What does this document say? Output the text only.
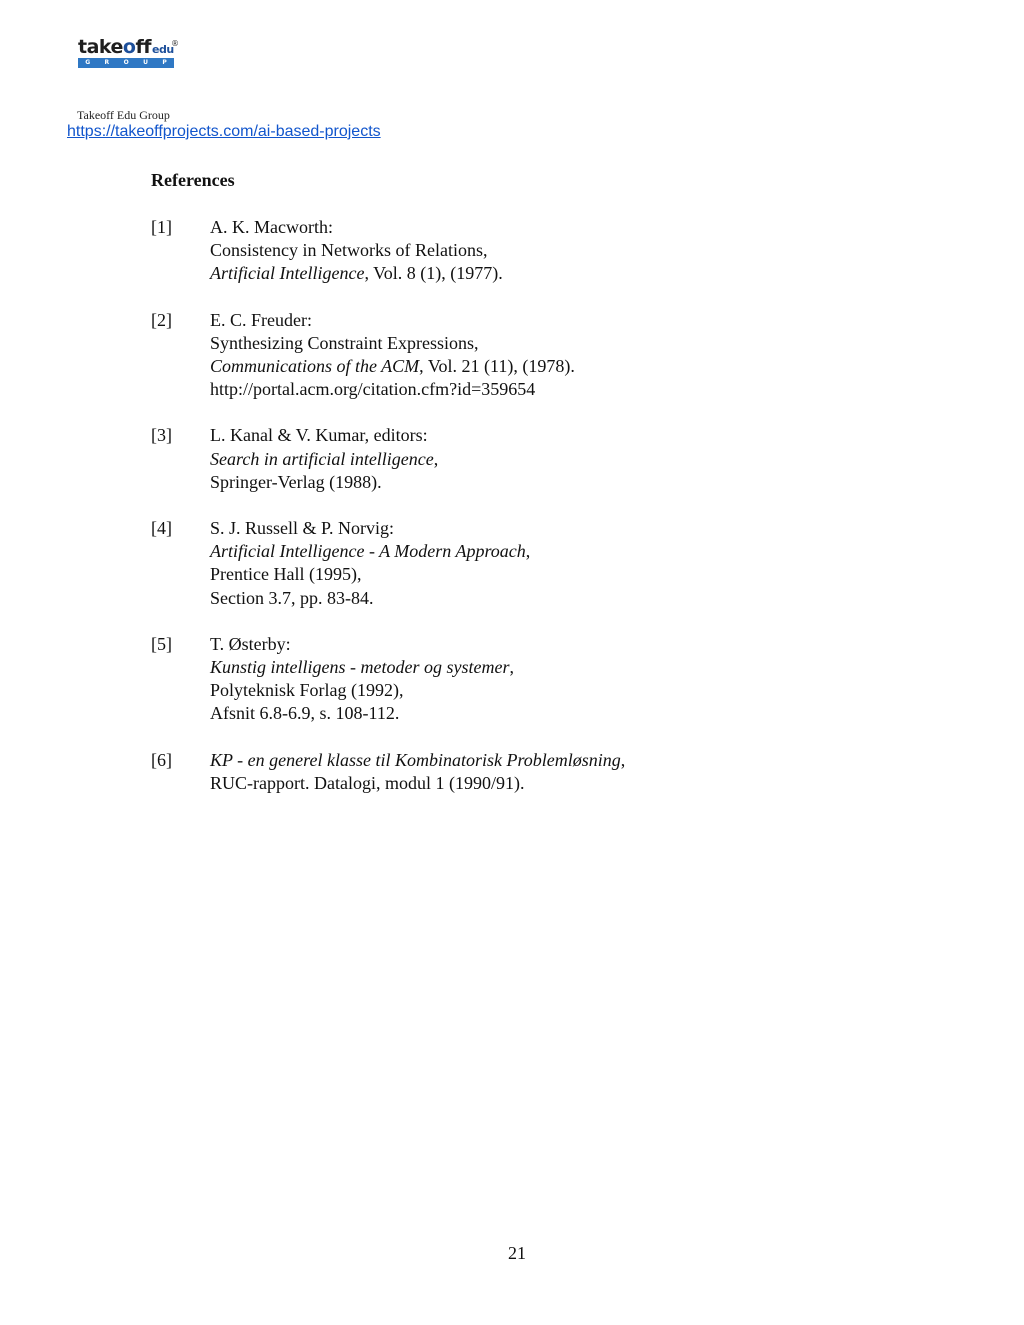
takeoffedu
®
G R O U P
Takeoff Edu Group
https://takeoffprojects.com/ai-based-projects
References
[1] A. K. Macworth:
Consistency in Networks of Relations,
Artificial Intelligence, Vol. 8 (1), (1977).
[2] E. C. Freuder:
Synthesizing Constraint Expressions,
Communications of the ACM, Vol. 21 (11), (1978).
http://portal.acm.org/citation.cfm?id=359654
[3] L. Kanal & V. Kumar, editors:
Search in artificial intelligence,
Springer-Verlag (1988).
[4] S. J. Russell & P. Norvig:
Artificial Intelligence - A Modern Approach,
Prentice Hall (1995),
Section 3.7, pp. 83-84.
[5] T. Østerby:
Kunstig intelligens - metoder og systemer,
Polyteknisk Forlag (1992),
Afsnit 6.8-6.9, s. 108-112.
[6] KP - en generel klasse til Kombinatorisk Problemløsning,
RUC-rapport. Datalogi, modul 1 (1990/91).
21
